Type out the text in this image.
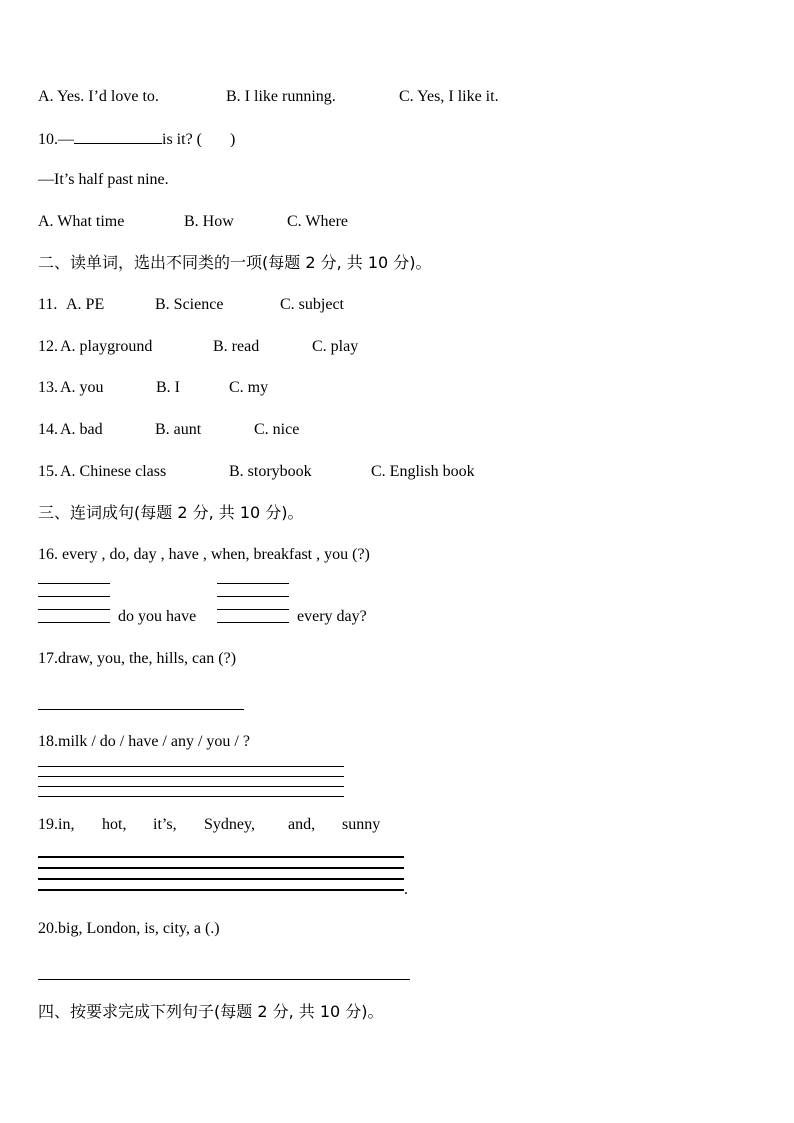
A. Yes. I’d love to.	B. I like running.	C. Yes, I like it.
10.—	is it? ( )
—It’s half past nine.
A. What time	B. How	C. Where
二、读单词，选出不同类的一项(每题 2 分, 共 10 分)。
11. A. PE	B. Science	C. subject
12. A. playground	B. read	C. play
13. A. you	B. I	C. my
14. A. bad	B. aunt	C. nice
15. A. Chinese class	B. storybook	C. English book
三、连词成句(每题 2 分, 共 10 分)。
16. every , do, day , have , when, breakfast , you (?)
do you have	every day?
17.draw, you, the, hills, can (?)
18.milk / do / have / any / you / ?
19.in, hot, it’s, Sydney, and, sunny
.
20.big, London, is, city, a (.)
四、按要求完成下列句子(每题 2 分, 共 10 分)。
